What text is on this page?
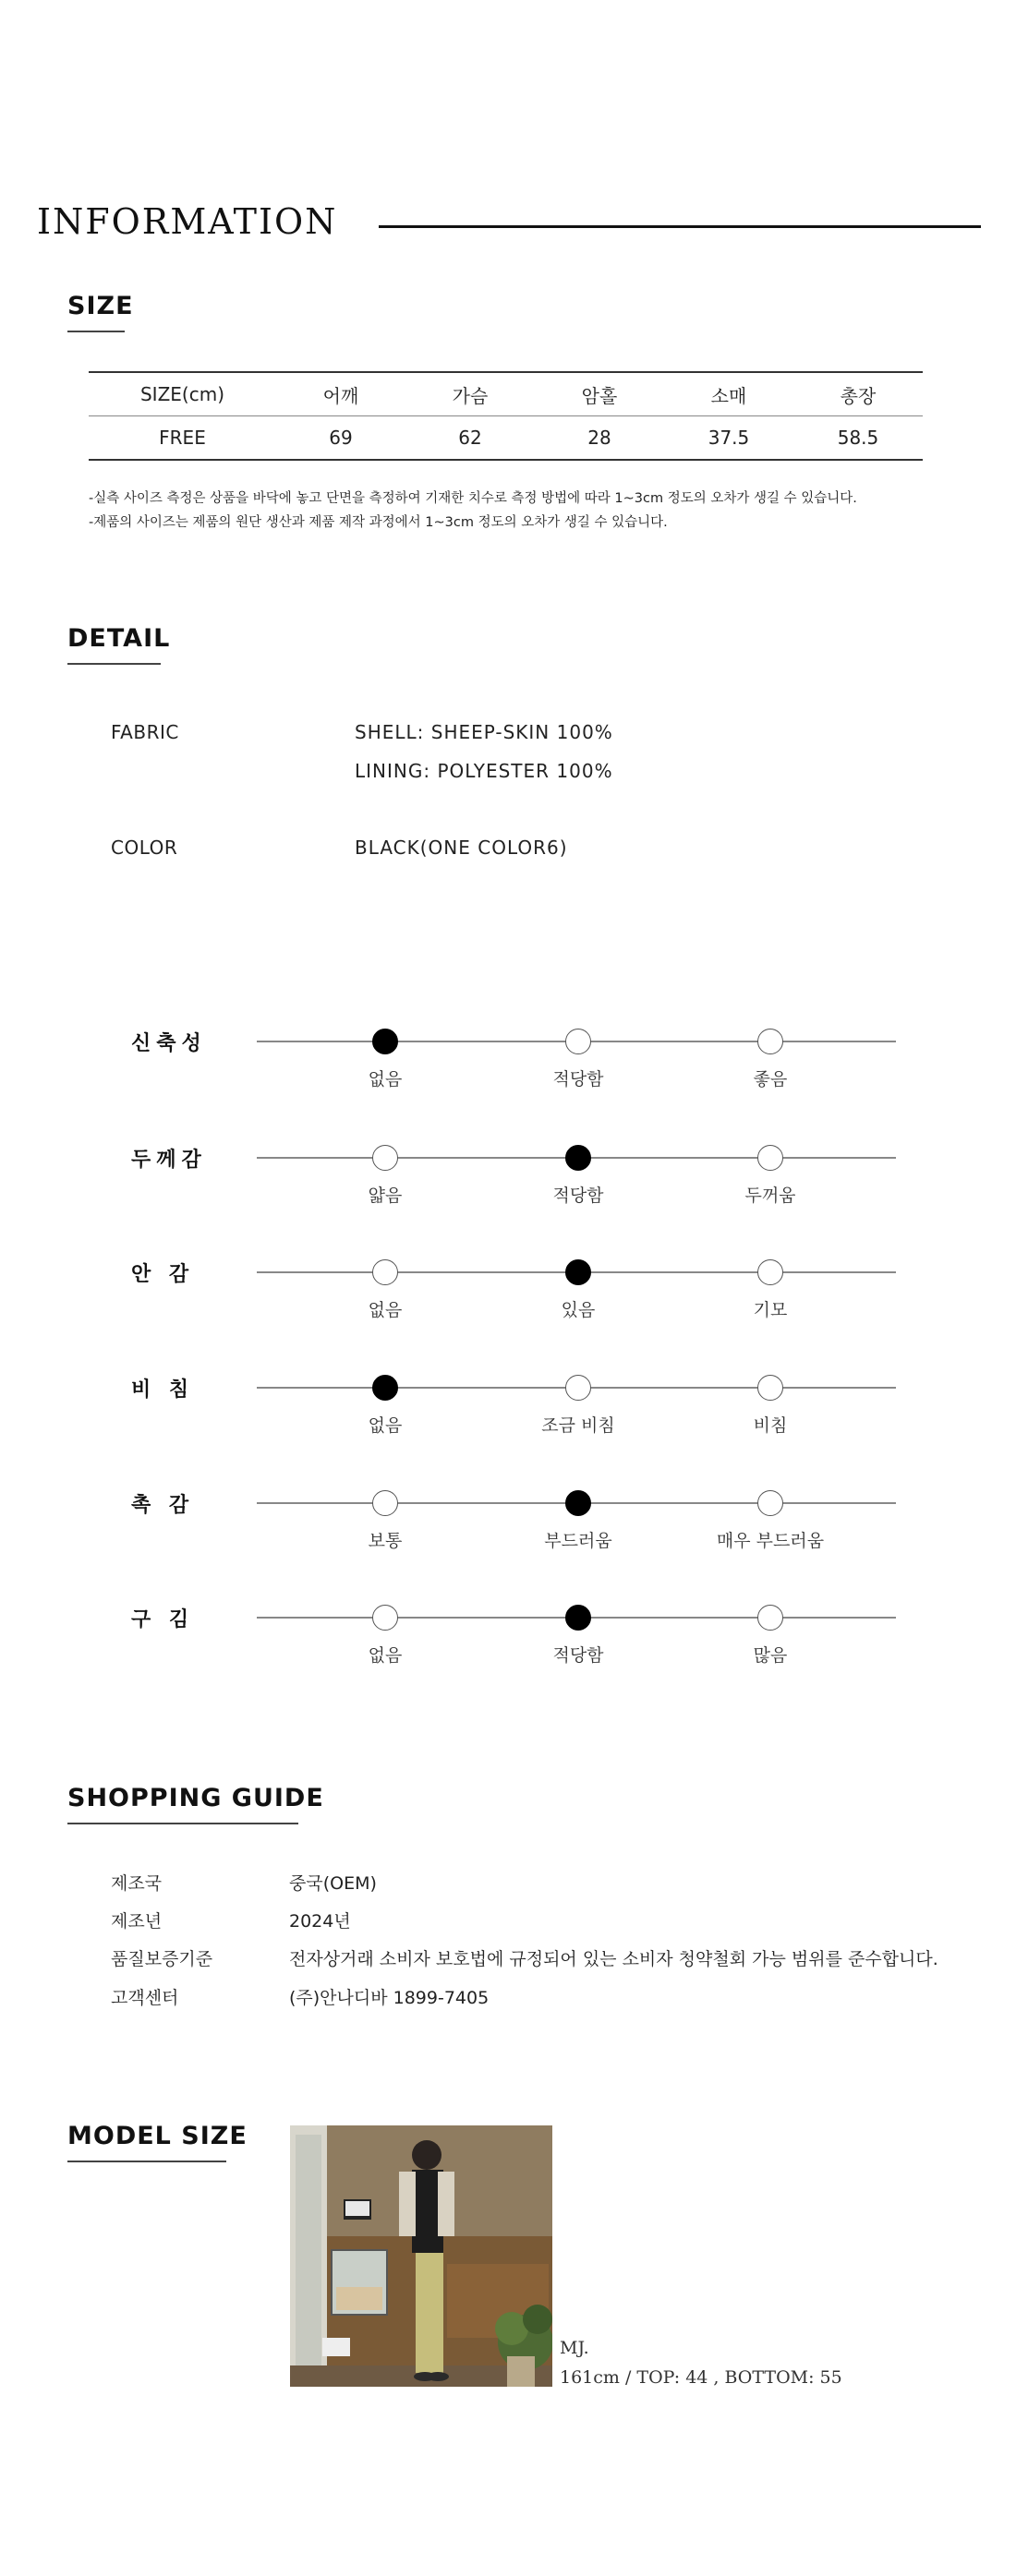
INFORMATION
SIZE
SIZE(cm)	어깨	가슴	암홀	소매	총장
FREE	69	62	28	37.5	58.5
-실측 사이즈 측정은 상품을 바닥에 놓고 단면을 측정하여 기재한 치수로 측정 방법에 따라 1~3cm 정도의 오차가 생길 수 있습니다.
-제품의 사이즈는 제품의 원단 생산과 제품 제작 과정에서 1~3cm 정도의 오차가 생길 수 있습니다.
DETAIL
FABRIC	SHELL: SHEEP-SKIN 100%
LINING: POLYESTER 100%
COLOR	BLACK(ONE COLOR6)
신축성
없음	적당함	좋음
두께감
얇음	적당함	두꺼움
안 감
없음	있음	기모
비 침
없음	조금 비침	비침
촉 감
보통	부드러움	매우 부드러움
구 김
없음	적당함	많음
SHOPPING GUIDE
제조국	중국(OEM)
제조년	2024년
품질보증기준	전자상거래 소비자 보호법에 규정되어 있는 소비자 청약철회 가능 범위를 준수합니다.
고객센터	(주)안나디바 1899-7405
MODEL SIZE
MJ.
161cm / TOP: 44 , BOTTOM: 55
